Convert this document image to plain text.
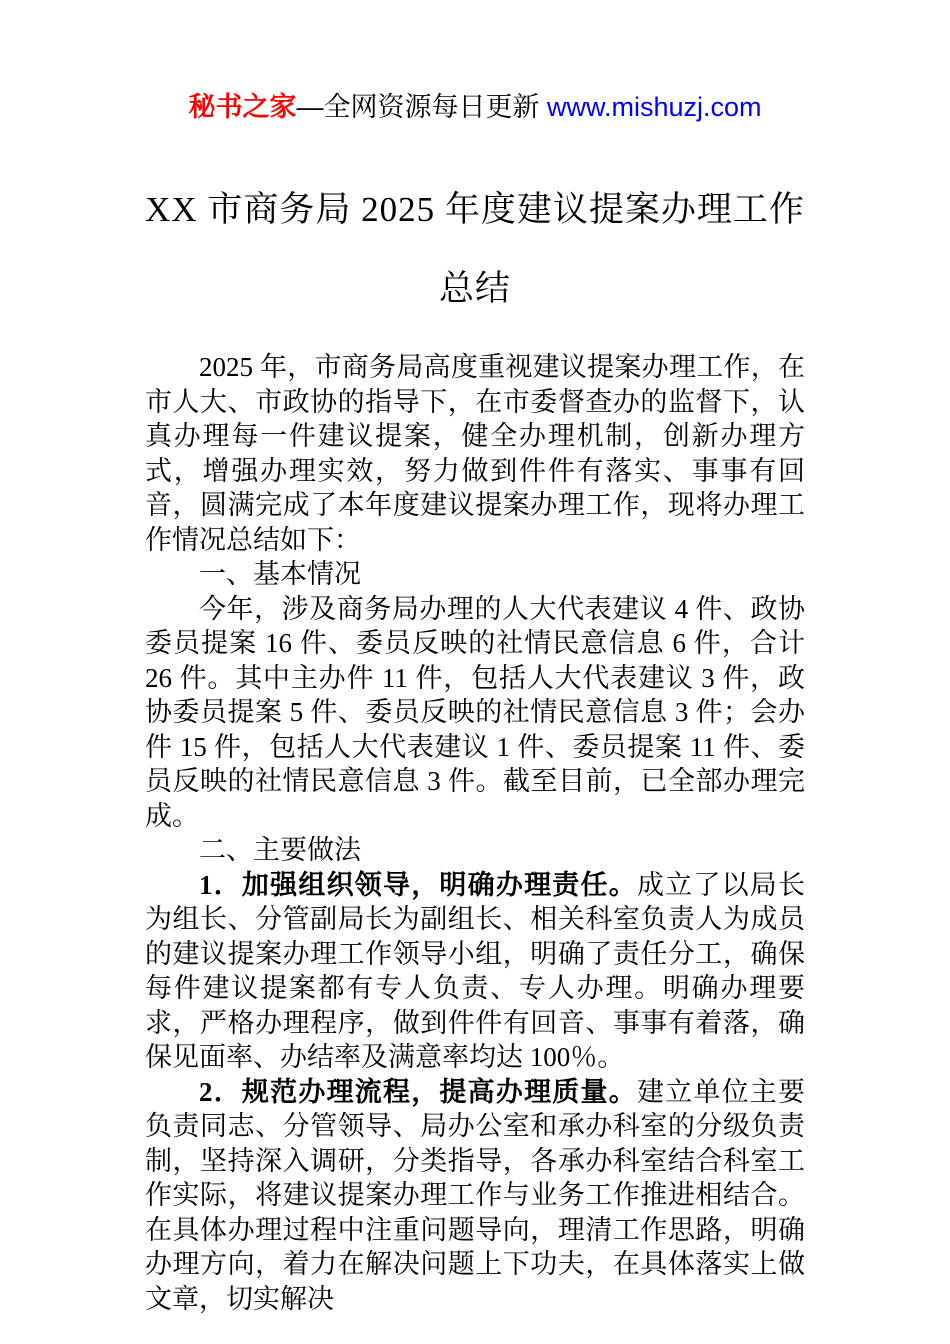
秘书之家—全网资源每日更新 www.mishuzj.com
XX 市商务局 2025 年度建议提案办理工作
总结

2025 年，市商务局高度重视建议提案办理工作，在市人大、市政协的指导下，在市委督查办的监督下，认真办理每一件建议提案，健全办理机制，创新办理方式，增强办理实效，努力做到件件有落实、事事有回音，圆满完成了本年度建议提案办理工作，现将办理工作情况总结如下：

一、基本情况

今年，涉及商务局办理的人大代表建议 4 件、政协委员提案 16 件、委员反映的社情民意信息 6 件，合计 26 件。其中主办件 11 件，包括人大代表建议 3 件，政协委员提案 5 件、委员反映的社情民意信息 3 件；会办件 15 件，包括人大代表建议 1 件、委员提案 11 件、委员反映的社情民意信息 3 件。截至目前，已全部办理完成。

二、主要做法

1．加强组织领导，明确办理责任。成立了以局长为组长、分管副局长为副组长、相关科室负责人为成员的建议提案办理工作领导小组，明确了责任分工，确保每件建议提案都有专人负责、专人办理。明确办理要求，严格办理程序，做到件件有回音、事事有着落，确保见面率、办结率及满意率均达 100％。

2．规范办理流程，提高办理质量。建立单位主要负责同志、分管领导、局办公室和承办科室的分级负责制，坚持深入调研，分类指导，各承办科室结合科室工作实际，将建议提案办理工作与业务工作推进相结合。在具体办理过程中注重问题导向，理清工作思路，明确办理方向，着力在解决问题上下功夫，在具体落实上做文章，切实解决
